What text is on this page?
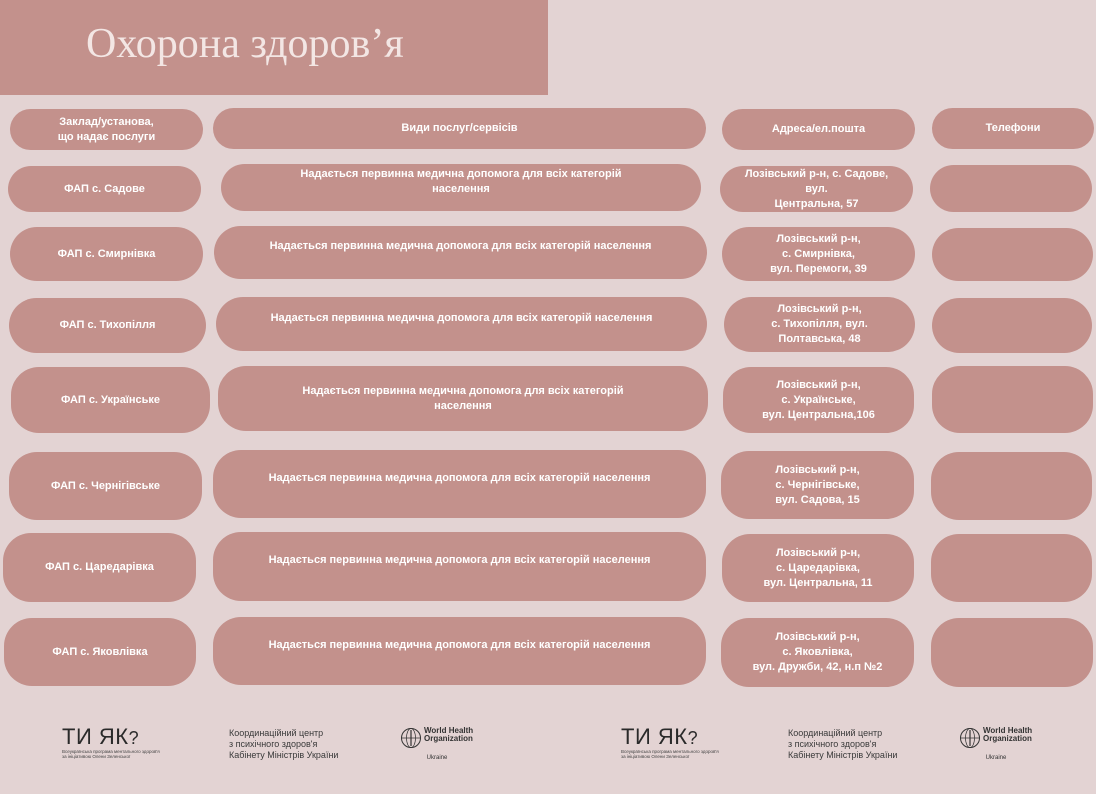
Охорона здоров’я
Заклад/установа,
що надає послуги
Види послуг/сервісів	Адреса/ел.пошта	Телефони
ФАП с. Садове
Надається первинна медична допомога для всіх категорій
населення
Лозівський р-н, с. Садове, вул.
Центральна, 57
ФАП с. Смирнівка
Надається первинна медична допомога для всіх категорій населення
Лозівський р-н,
с. Смирнівка,
вул. Перемоги, 39
ФАП с. Тихопілля
Надається первинна медична допомога для всіх категорій населення
Лозівський р-н,
с. Тихопілля, вул. Полтавська, 48
ФАП с. Українське
Надається первинна медична допомога для всіх категорій
населення
Лозівський р-н,
с. Українське,
вул. Центральна,106
ФАП с. Чернігівське
Надається первинна медична допомога для всіх категорій населення
Лозівський р-н,
с. Чернігівське,
вул. Садова, 15
ФАП с. Царедарівка
Надається первинна медична допомога для всіх категорій населення
Лозівський р-н,
с. Царедарівка,
вул. Центральна, 11
ФАП с. Яковлівка
Надається первинна медична допомога для всіх категорій населення
Лозівський р-н,
с. Яковлівка,
вул. Дружби, 42, н.п №2
ТИ ЯК?
Всеукраїнська програма ментального здоров'я
за ініціативою Олени Зеленської
Координаційний центр
з психічного здоров'я
Кабінету Міністрів України
World Health
Organization
Ukraine
ТИ ЯК?
Всеукраїнська програма ментального здоров'я
за ініціативою Олени Зеленської
Координаційний центр
з психічного здоров'я
Кабінету Міністрів України
World Health
Organization
Ukraine
